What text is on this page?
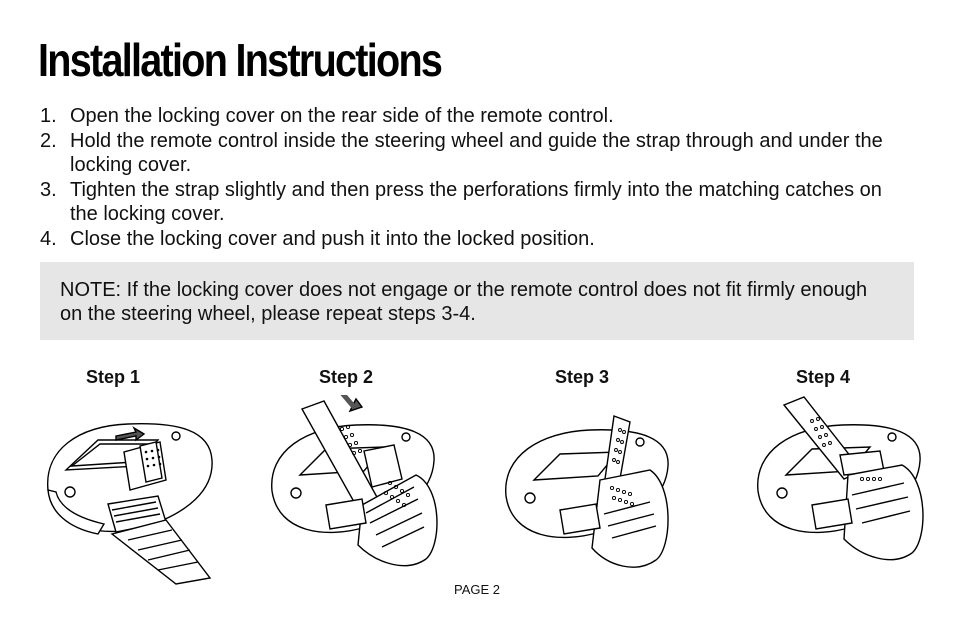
Installation Instructions
1. Open the locking cover on the rear side of the remote control.
2. Hold the remote control inside the steering wheel and guide the strap through and under the locking cover.
3. Tighten the strap slightly and then press the perforations firmly into the matching catches on the locking cover.
4. Close the locking cover and push it into the locked position.
NOTE: If the locking cover does not engage or the remote control does not fit firmly enough on the steering wheel, please repeat steps 3-4.
Step 1	Step 2	Step 3	Step 4
PAGE 2
